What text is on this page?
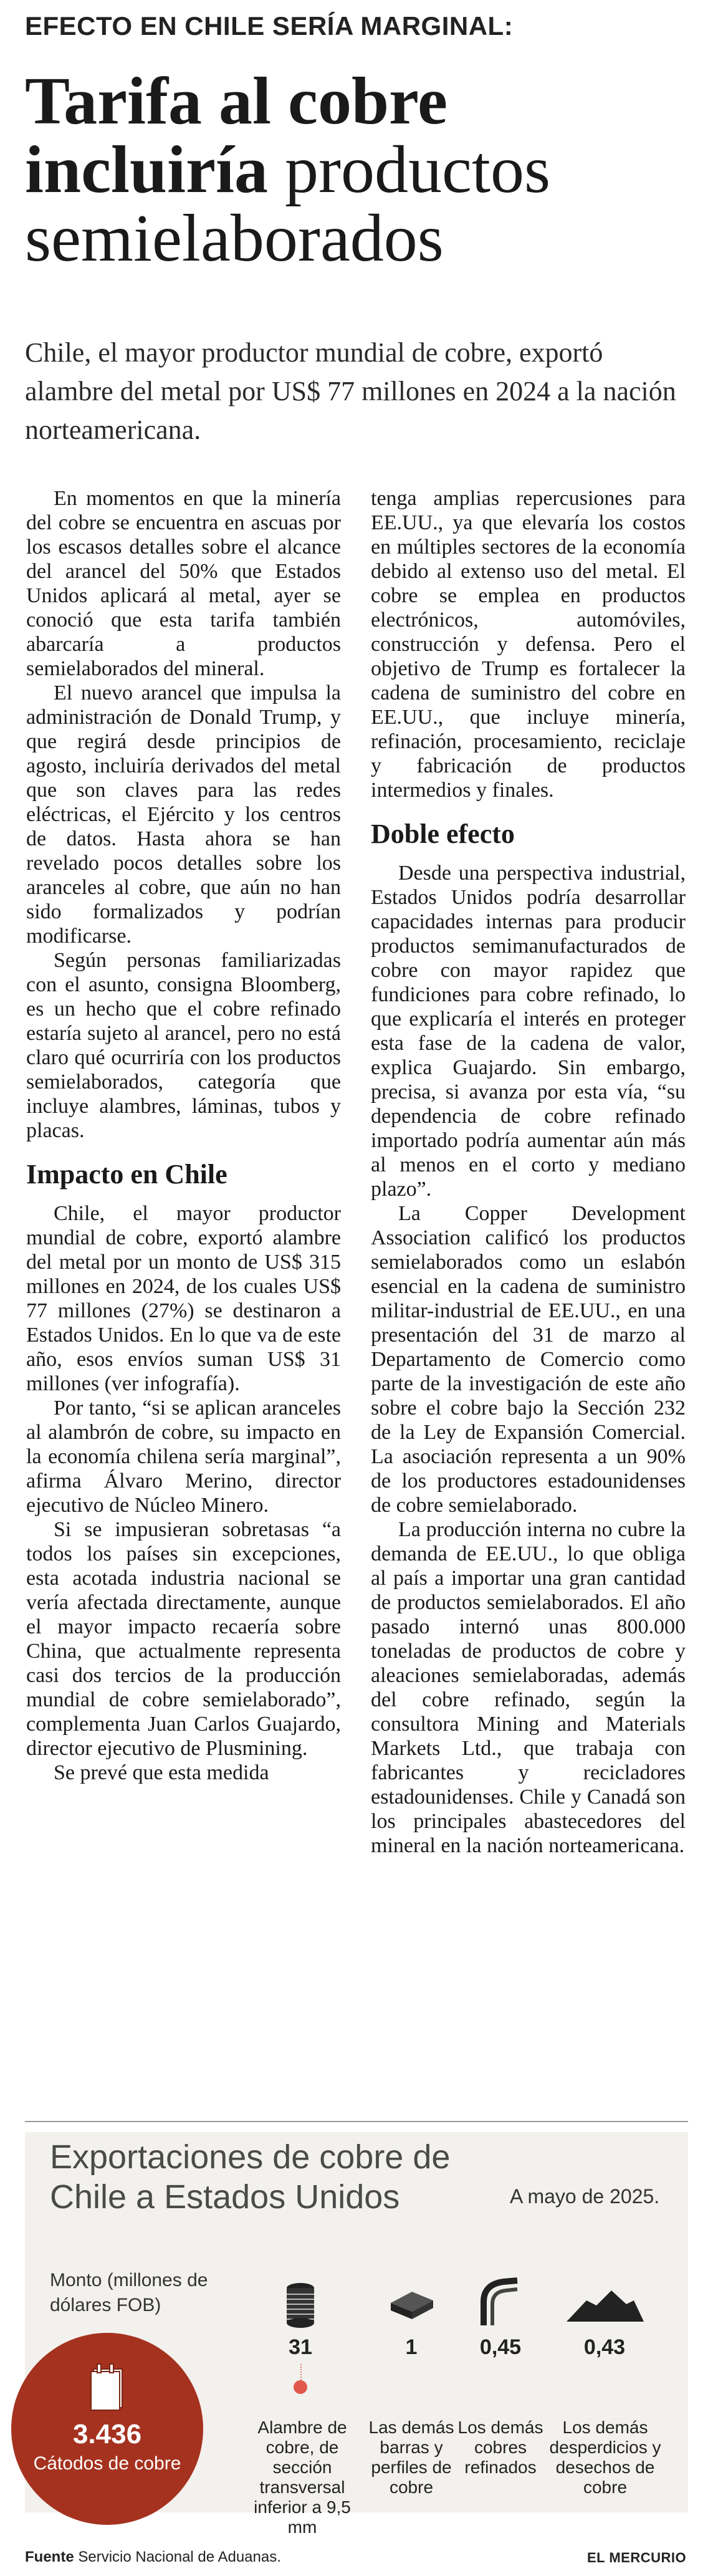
EFECTO EN CHILE SERÍA MARGINAL:
Tarifa al cobre incluiría productos semielaborados
Chile, el mayor productor mundial de cobre, exportó alambre del metal por US$ 77 millones en 2024 a la nación norteamericana.

En momentos en que la minería del cobre se encuentra en ascuas por los escasos detalles sobre el alcance del arancel del 50% que Estados Unidos aplicará al metal, ayer se conoció que esta tarifa también abarcaría a productos semielaborados del mineral.

El nuevo arancel que impulsa la administración de Donald Trump, y que regirá desde principios de agosto, incluiría derivados del metal que son claves para las redes eléctricas, el Ejército y los centros de datos. Hasta ahora se han revelado pocos detalles sobre los aranceles al cobre, que aún no han sido formalizados y podrían modificarse.

Según personas familiarizadas con el asunto, consigna Bloomberg, es un hecho que el cobre refinado estaría sujeto al arancel, pero no está claro qué ocurriría con los productos semielaborados, categoría que incluye alambres, láminas, tubos y placas.

Impacto en Chile

Chile, el mayor productor mundial de cobre, exportó alambre del metal por un monto de US$ 315 millones en 2024, de los cuales US$ 77 millones (27%) se destinaron a Estados Unidos. En lo que va de este año, esos envíos suman US$ 31 millones (ver infografía).

Por tanto, “si se aplican aranceles al alambrón de cobre, su impacto en la economía chilena sería marginal”, afirma Álvaro Merino, director ejecutivo de Núcleo Minero.

Si se impusieran sobretasas “a todos los países sin excepciones, esta acotada industria nacional se vería afectada directamente, aunque el mayor impacto recaería sobre China, que actualmente representa casi dos tercios de la producción mundial de cobre semielaborado”, complementa Juan Carlos Guajardo, director ejecutivo de Plusmining.

Se prevé que esta medida

tenga amplias repercusiones para EE.UU., ya que elevaría los costos en múltiples sectores de la economía debido al extenso uso del metal. El cobre se emplea en productos electrónicos, automóviles, construcción y defensa. Pero el objetivo de Trump es fortalecer la cadena de suministro del cobre en EE.UU., que incluye minería, refinación, procesamiento, reciclaje y fabricación de productos intermedios y finales.

Doble efecto

Desde una perspectiva industrial, Estados Unidos podría desarrollar capacidades internas para producir productos semimanufacturados de cobre con mayor rapidez que fundiciones para cobre refinado, lo que explicaría el interés en proteger esta fase de la cadena de valor, explica Guajardo. Sin embargo, precisa, si avanza por esta vía, “su dependencia de cobre refinado importado podría aumentar aún más al menos en el corto y mediano plazo”.

La Copper Development Association calificó los productos semielaborados como un eslabón esencial en la cadena de suministro militar-industrial de EE.UU., en una presentación del 31 de marzo al Departamento de Comercio como parte de la investigación de este año sobre el cobre bajo la Sección 232 de la Ley de Expansión Comercial. La asociación representa a un 90% de los productores estadounidenses de cobre semielaborado.

La producción interna no cubre la demanda de EE.UU., lo que obliga al país a importar una gran cantidad de productos semielaborados. El año pasado internó unas 800.000 toneladas de productos de cobre y aleaciones semielaboradas, además del cobre refinado, según la consultora Mining and Materials Markets Ltd., que trabaja con fabricantes y recicladores estadounidenses. Chile y Canadá son los principales abastecedores del mineral en la nación norteamericana.

Exportaciones de cobre de Chile a Estados Unidos	A mayo de 2025.
Monto (millones de dólares FOB)
3.436
Cátodos de cobre
31
Alambre de cobre, de sección transversal inferior a 9,5 mm
1
Las demás barras y perfiles de cobre
0,45
Los demás cobres refinados
0,43
Los demás desperdicios y desechos de cobre
Fuente Servicio Nacional de Aduanas.	EL MERCURIO
